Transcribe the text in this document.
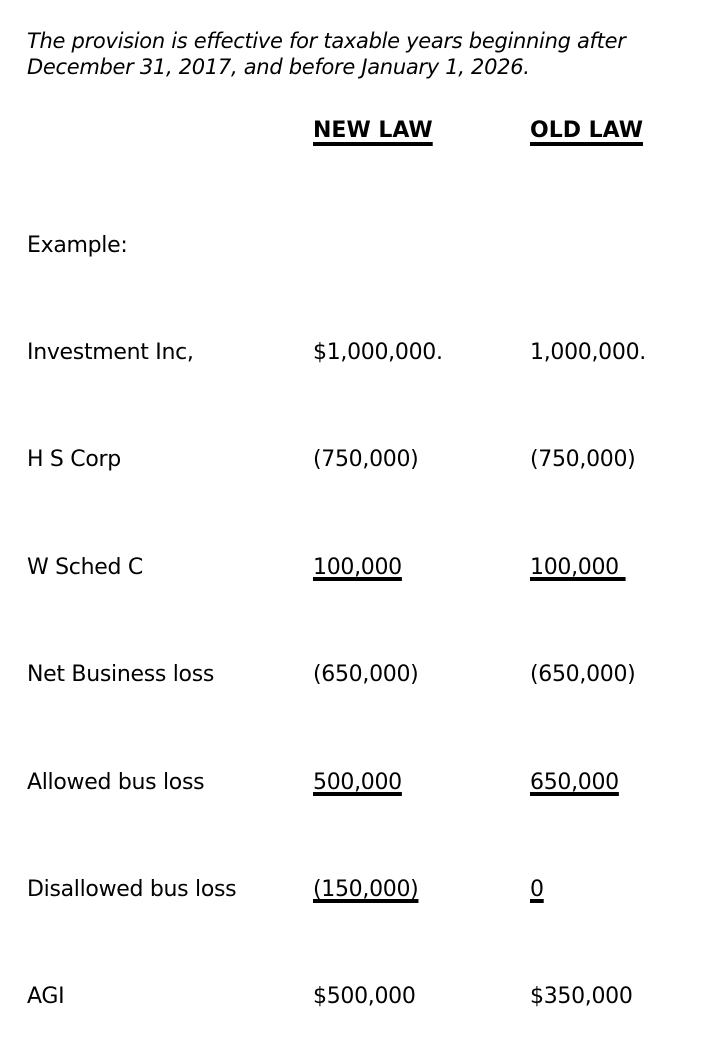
The provision is effective for taxable years beginning after
December 31, 2017, and before January 1, 2026.
NEW LAW	OLD LAW

Example:

Investment Inc,

H S Corp

W Sched C

Net Business loss

Allowed bus loss

Disallowed bus loss

AGI

$1,000,000.

(750,000)

100,000

(650,000)

500,000

(150,000)

$500,000

1,000,000.

(750,000)

100,000

(650,000)

650,000

0

$350,000
